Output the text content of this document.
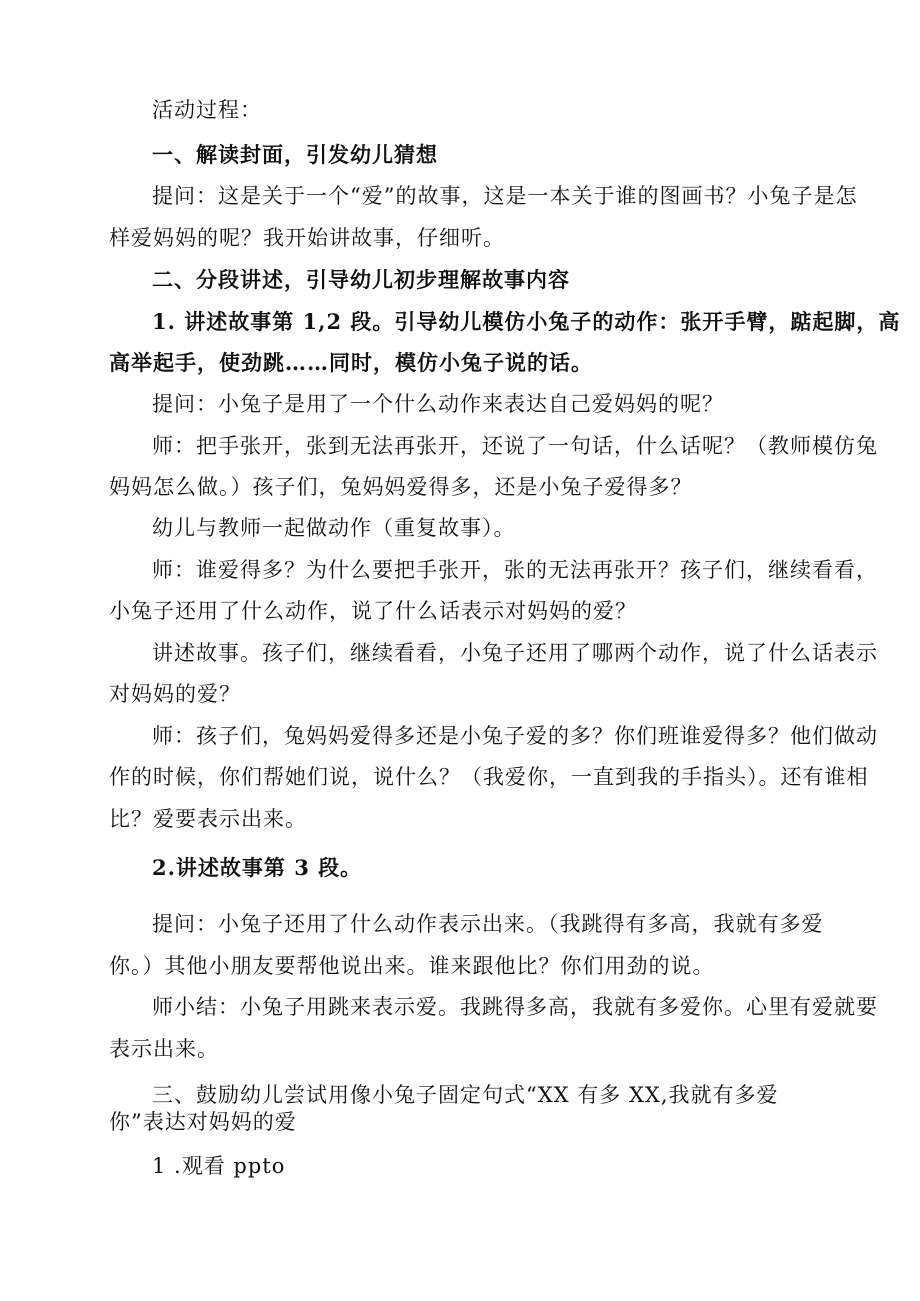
活动过程：
一、解读封面，引发幼儿猜想
提问：这是关于一个“爱”的故事，这是一本关于谁的图画书？小兔子是怎
样爱妈妈的呢？我开始讲故事，仔细听。
二、分段讲述，引导幼儿初步理解故事内容
1. 讲述故事第 1,2 段。引导幼儿模仿小兔子的动作：张开手臂，踮起脚，高
高举起手，使劲跳……同时，模仿小兔子说的话。
提问：小兔子是用了一个什么动作来表达自己爱妈妈的呢？
师：把手张开，张到无法再张开，还说了一句话，什么话呢？（教师模仿兔
妈妈怎么做。）孩子们，兔妈妈爱得多，还是小兔子爱得多？
幼儿与教师一起做动作（重复故事）。
师：谁爱得多？为什么要把手张开，张的无法再张开？孩子们，继续看看，
小兔子还用了什么动作，说了什么话表示对妈妈的爱？
讲述故事。孩子们，继续看看，小兔子还用了哪两个动作，说了什么话表示
对妈妈的爱？
师：孩子们，兔妈妈爱得多还是小兔子爱的多？你们班谁爱得多？他们做动
作的时候，你们帮她们说，说什么？（我爱你，一直到我的手指头）。还有谁相
比？爱要表示出来。
2.讲述故事第 3 段。
提问：小兔子还用了什么动作表示出来。（我跳得有多高，我就有多爱
你。）其他小朋友要帮他说出来。谁来跟他比？你们用劲的说。
师小结：小兔子用跳来表示爱。我跳得多高，我就有多爱你。心里有爱就要
表示出来。
三、鼓励幼儿尝试用像小兔子固定句式“XX 有多 XX,我就有多爱
你”表达对妈妈的爱
1 .观看 ppto
